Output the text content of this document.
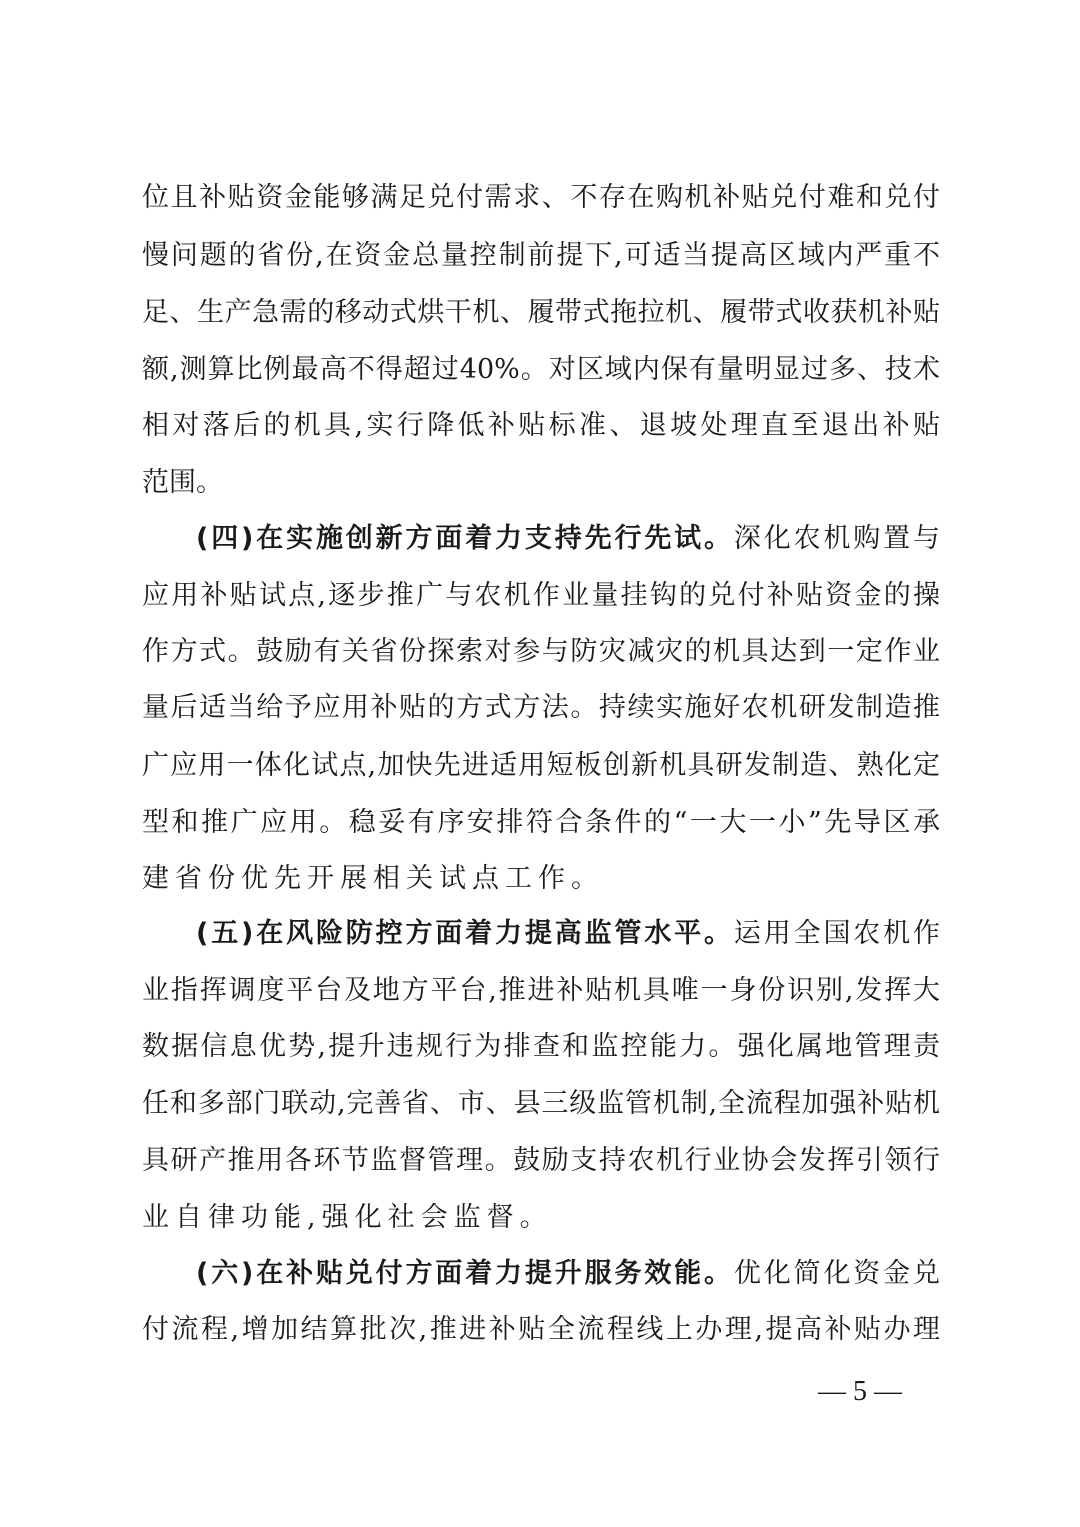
位​且​补​贴​资​金​能​够​满​足​兑​付​需​求​、​不​存​在​购​机​补​贴​兑​付​难​和​兑​付
慢​问​题​的​省​份​,​在​资​金​总​量​控​制​前​提​下​,​可​适​当​提​高​区​域​内​严​重​不
足​、​生​产​急​需​的​移​动​式​烘​干​机​、​履​带​式​拖​拉​机​、​履​带​式​收​获​机​补​贴
额​,​测​算​比​例​最​高​不​得​超​过​4​0​%​。​对​区​域​内​保​有​量​明​显​过​多​、​技​术
相​对​落​后​的​机​具​,​实​行​降​低​补​贴​标​准​、​退​坡​处​理​直​至​退​出​补​贴
范围。
(​四​)​在​实​施​创​新​方​面​着​力​支​持​先​行​先​试​。深​化​农​机​购​置​与
应​用​补​贴​试​点​,​逐​步​推​广​与​农​机​作​业​量​挂​钩​的​兑​付​补​贴​资​金​的​操
作​方​式​。​鼓​励​有​关​省​份​探​索​对​参​与​防​灾​减​灾​的​机​具​达​到​一​定​作​业
量​后​适​当​给​予​应​用​补​贴​的​方​式​方​法​。​持​续​实​施​好​农​机​研​发​制​造​推
广​应​用​一​体​化​试​点​,​加​快​先​进​适​用​短​板​创​新​机​具​研​发​制​造​、​熟​化​定
型​和​推​广​应​用​。​稳​妥​有​序​安​排​符​合​条​件​的​“​一​大​一​小​”​先​导​区​承
建省份优先开展相关试点工作。
(​五​)​在​风​险​防​控​方​面​着​力​提​高​监​管​水​平​。运​用​全​国​农​机​作
业​指​挥​调​度​平​台​及​地​方​平​台​,​推​进​补​贴​机​具​唯​一​身​份​识​别​,​发​挥​大
数​据​信​息​优​势​,​提​升​违​规​行​为​排​查​和​监​控​能​力​。​强​化​属​地​管​理​责
任​和​多​部​门​联​动​,​完​善​省​、​市​、​县​三​级​监​管​机​制​,​全​流​程​加​强​补​贴​机
具​研​产​推​用​各​环​节​监​督​管​理​。​鼓​励​支​持​农​机​行​业​协​会​发​挥​引​领​行
业自律功能,强化社会监督。
(​六​)​在​补​贴​兑​付​方​面​着​力​提​升​服​务​效​能​。优​化​简​化​资​金​兑
付​流​程​,​增​加​结​算​批​次​,​推​进​补​贴​全​流​程​线​上​办​理​,​提​高​补​贴​办​理
— 5 —
